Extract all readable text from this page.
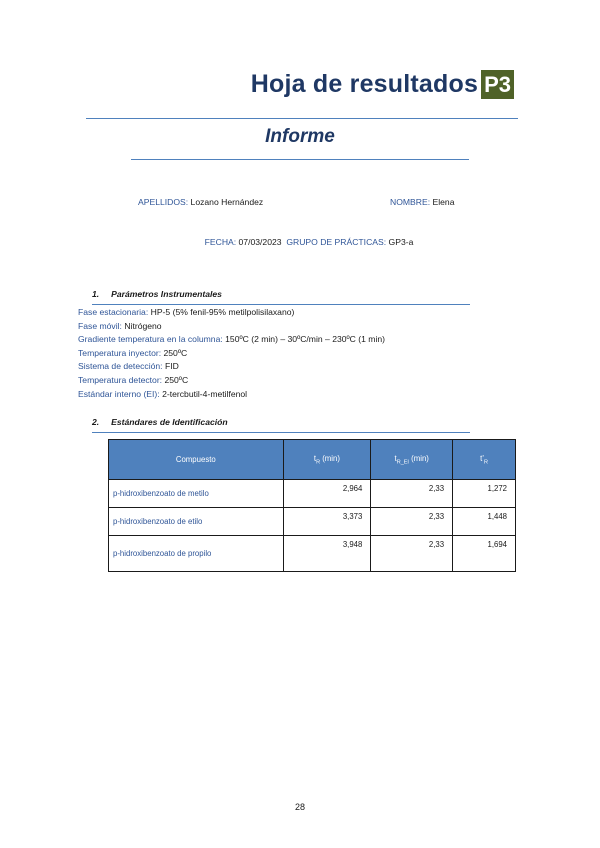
Hoja de resultados P3
Informe
APELLIDOS: Lozano Hernández	NOMBRE: Elena
FECHA: 07/03/2023 GRUPO DE PRÁCTICAS: GP3-a
1. Parámetros Instrumentales
Fase estacionaria: HP-5 (5% fenil-95% metilpolisilaxano)
Fase móvil: Nitrógeno
Gradiente temperatura en la columna: 150ºC (2 min) – 30ºC/min – 230ºC (1 min)
Temperatura inyector: 250ºC
Sistema de detección: FID
Temperatura detector: 250ºC
Estándar interno (EI): 2-tercbutil-4-metilfenol
2. Estándares de Identificación
Compuesto	$t_R$ (min)	$t_{R\_EI}$ (min)	$t’_R$
p-hidroxibenzoato de metilo	2,964	2,33	1,272
p-hidroxibenzoato de etilo	3,373	2,33	1,448
p-hidroxibenzoato de propilo	3,948	2,33	1,694
28
